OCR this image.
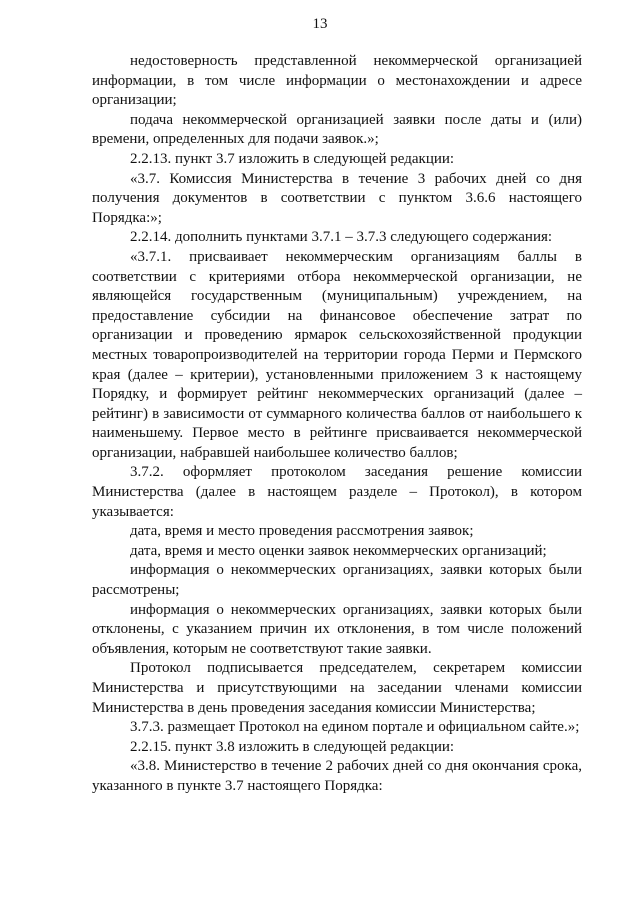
13

недостоверность представленной некоммерческой организацией информации, в том числе информации о местонахождении и адресе организации;

подача некоммерческой организацией заявки после даты и (или) времени, определенных для подачи заявок.»;

2.2.13. пункт 3.7 изложить в следующей редакции:

«3.7. Комиссия Министерства в течение 3 рабочих дней со дня получения документов в соответствии с пунктом 3.6.6 настоящего Порядка:»;

2.2.14. дополнить пунктами 3.7.1 – 3.7.3 следующего содержания:

«3.7.1. присваивает некоммерческим организациям баллы в соответствии с критериями отбора некоммерческой организации, не являющейся государственным (муниципальным) учреждением, на предоставление субсидии на финансовое обеспечение затрат по организации и проведению ярмарок сельскохозяйственной продукции местных товаропроизводителей на территории города Перми и Пермского края (далее – критерии), установленными приложением 3 к настоящему Порядку, и формирует рейтинг некоммерческих организаций (далее – рейтинг) в зависимости от суммарного количества баллов от наибольшего к наименьшему. Первое место в рейтинге присваивается некоммерческой организации, набравшей наибольшее количество баллов;

3.7.2. оформляет протоколом заседания решение комиссии Министерства (далее в настоящем разделе – Протокол), в котором указывается:

дата, время и место проведения рассмотрения заявок;

дата, время и место оценки заявок некоммерческих организаций;

информация о некоммерческих организациях, заявки которых были рассмотрены;

информация о некоммерческих организациях, заявки которых были отклонены, с указанием причин их отклонения, в том числе положений объявления, которым не соответствуют такие заявки.

Протокол подписывается председателем, секретарем комиссии Министерства и присутствующими на заседании членами комиссии Министерства в день проведения заседания комиссии Министерства;

3.7.3. размещает Протокол на едином портале и официальном сайте.»;

2.2.15. пункт 3.8 изложить в следующей редакции:

«3.8. Министерство в течение 2 рабочих дней со дня окончания срока, указанного в пункте 3.7 настоящего Порядка:
